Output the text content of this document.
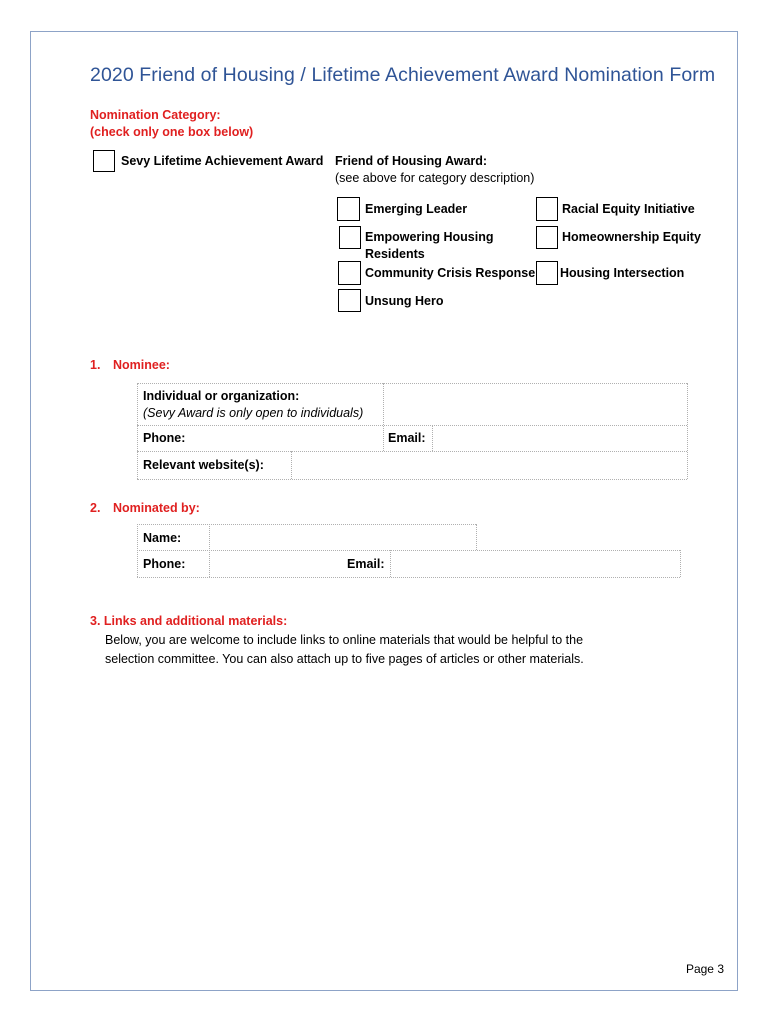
2020 Friend of Housing / Lifetime Achievement Award Nomination Form
Nomination Category:
(check only one box below)
Sevy Lifetime Achievement Award Friend of Housing Award:
(see above for category description)
Emerging Leader	Racial Equity Initiative
Empowering Housing
Residents
Homeownership Equity
Community Crisis Response Housing Intersection
Unsung Hero
1. Nominee:
Individual or organization:
(Sevy Award is only open to individuals)
Phone:	Email:
Relevant website(s):
2. Nominated by:
Name:
Phone:	Email:
3. Links and additional materials:
Below, you are welcome to include links to online materials that would be helpful to the
selection committee. You can also attach up to five pages of articles or other materials.
Page 3
